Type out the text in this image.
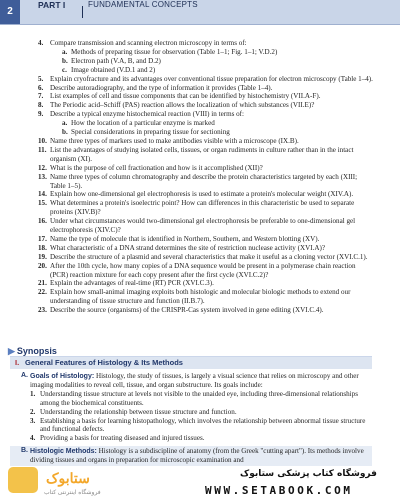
2
PART I	FUNDAMENTAL CONCEPTS
4. Compare transmission and scanning electron microscopy in terms of:
a. Methods of preparing tissue for observation (Table 1–1; Fig. 1–1; V.D.2)
b. Electron path (V.A, B, and D.2)
c. Image obtained (V.D.1 and 2)
5. Explain cryofracture and its advantages over conventional tissue preparation for electron microscopy (Table 1–4).
6. Describe autoradiography, and the type of information it provides (Table 1–4).
7. List examples of cell and tissue components that can be identified by histochemistry (VII.A-F).
8. The Periodic acid–Schiff (PAS) reaction allows the localization of which substances (VII.E)?
9. Describe a typical enzyme histochemical reaction (VIII) in terms of:
a. How the location of a particular enzyme is marked
b. Special considerations in preparing tissue for sectioning
10. Name three types of markers used to make antibodies visible with a microscope (IX.B).
11. List the advantages of studying isolated cells, tissues, or organ rudiments in culture rather than in the intact organism (XI).
12. What is the purpose of cell fractionation and how is it accomplished (XII)?
13. Name three types of column chromatography and describe the protein characteristics targeted by each (XIII; Table 1–5).
14. Explain how one-dimensional gel electrophoresis is used to estimate a protein's molecular weight (XIV.A).
15. What determines a protein's isoelectric point? How can differences in this characteristic be used to separate proteins (XIV.B)?
16. Under what circumstances would two-dimensional gel electrophoresis be preferable to one-dimensional gel electrophoresis (XIV.C)?
17. Name the type of molecule that is identified in Northern, Southern, and Western blotting (XV).
18. What characteristic of a DNA strand determines the site of restriction nuclease activity (XVI.A)?
19. Describe the structure of a plasmid and several characteristics that make it useful as a cloning vector (XVI.C.1).
20. After the 10th cycle, how many copies of a DNA sequence would be present in a polymerase chain reaction (PCR) reaction mixture for each copy present after the first cycle (XVI.C.2)?
21. Explain the advantages of real-time (RT) PCR (XVI.C.3).
22. Explain how small-animal imaging exploits both histologic and molecular biologic methods to extend our understanding of tissue structure and function (II.B.7).
23. Describe the source (organisms) of the CRISPR-Cas system involved in gene editing (XVI.C.4).
▶ Synopsis
I. General Features of Histology & Its Methods
A. Goals of Histology: Histology, the study of tissues, is largely a visual science that relies on microscopy and other imaging modalities to reveal cell, tissue, and organ substructure. Its goals include:
1. Understanding tissue structure at levels not visible to the unaided eye, including three-dimensional relationships among the biochemical constituents.
2. Understanding the relationship between tissue structure and function.
3. Establishing a basis for learning histopathology, which involves the relationship between abnormal tissue structure and functional defects.
4. Providing a basis for treating diseased and injured tissues.
B. Histologic Methods: Histology is a subdiscipline of anatomy (from the Greek "cutting apart"). Its methods involve dividing tissues and organs in preparation for microscopic examination and
ستابوک
فروشگاه اینترنتی کتاب
فروشگاه کتاب پزشکی ستابوک
WWW.SETABOOK.COM
